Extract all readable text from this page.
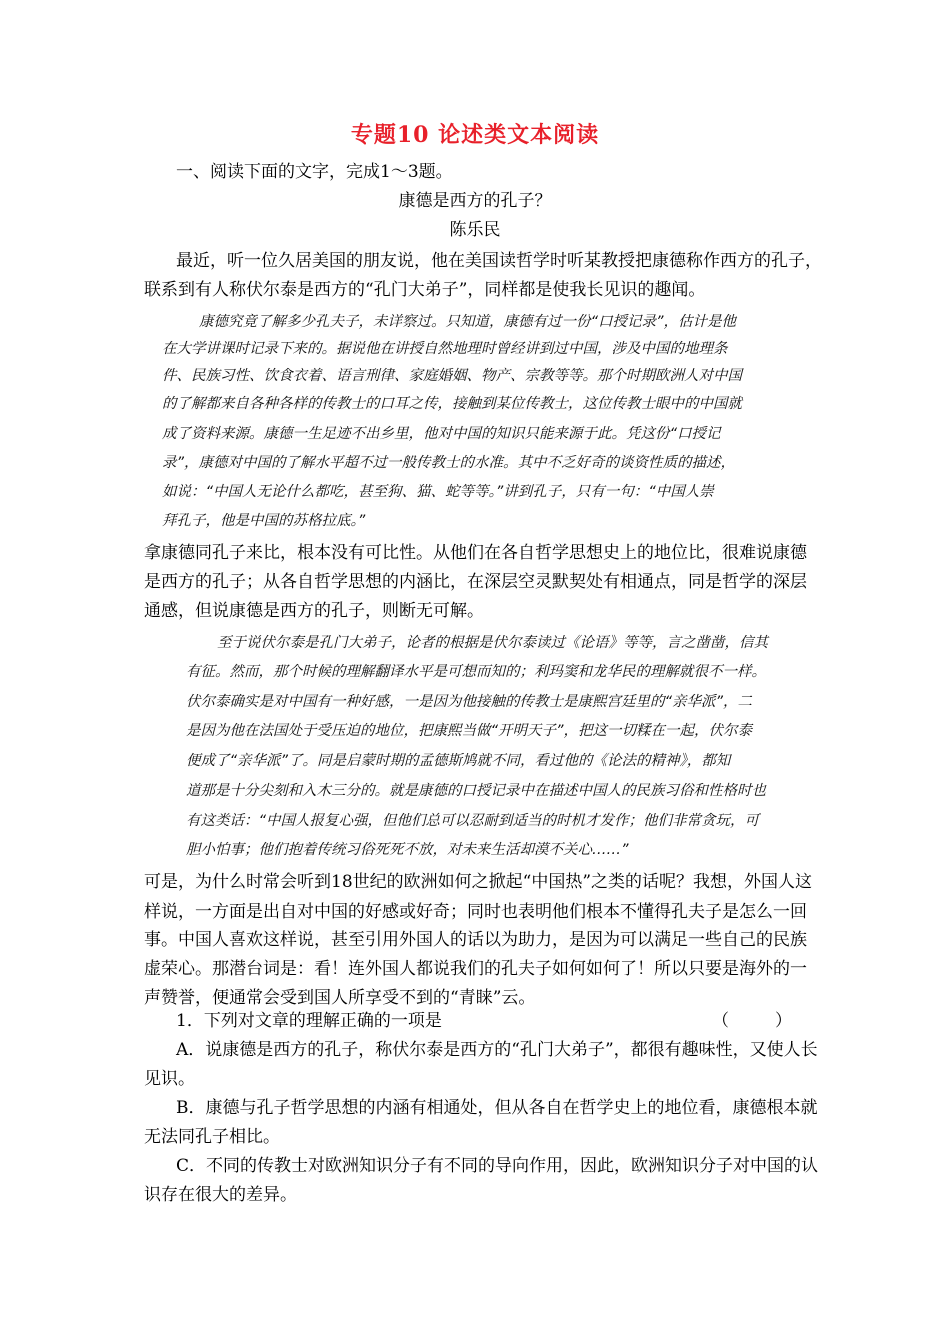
专题10 论述类文本阅读
一、阅读下面的文字，完成1～3题。
康德是西方的孔子？
陈乐民
最近，听一位久居美国的朋友说，他在美国读哲学时听某教授把康德称作西方的孔子，
联系到有人称伏尔泰是西方的“孔门大弟子”，同样都是使我长见识的趣闻。
康德究竟了解多少孔夫子，未详察过。只知道，康德有过一份“口授记录”，估计是他
在大学讲课时记录下来的。据说他在讲授自然地理时曾经讲到过中国，涉及中国的地理条
件、民族习性、饮食衣着、语言刑律、家庭婚姻、物产、宗教等等。那个时期欧洲人对中国
的了解都来自各种各样的传教士的口耳之传，接触到某位传教士，这位传教士眼中的中国就
成了资料来源。康德一生足迹不出乡里，他对中国的知识只能来源于此。凭这份“口授记
录”，康德对中国的了解水平超不过一般传教士的水准。其中不乏好奇的谈资性质的描述，
如说：“中国人无论什么都吃，甚至狗、猫、蛇等等。”讲到孔子，只有一句：“中国人崇
拜孔子，他是中国的苏格拉底。”
拿康德同孔子来比，根本没有可比性。从他们在各自哲学思想史上的地位比，很难说康德
是西方的孔子；从各自哲学思想的内涵比，在深层空灵默契处有相通点，同是哲学的深层
通感，但说康德是西方的孔子，则断无可解。
至于说伏尔泰是孔门大弟子，论者的根据是伏尔泰读过《论语》等等，言之凿凿，信其
有征。然而，那个时候的理解翻译水平是可想而知的；利玛窦和龙华民的理解就很不一样。
伏尔泰确实是对中国有一种好感，一是因为他接触的传教士是康熙宫廷里的“亲华派”，二
是因为他在法国处于受压迫的地位，把康熙当做“开明天子”，把这一切糅在一起，伏尔泰
便成了“亲华派”了。同是启蒙时期的孟德斯鸠就不同，看过他的《论法的精神》，都知
道那是十分尖刻和入木三分的。就是康德的口授记录中在描述中国人的民族习俗和性格时也
有这类话：“中国人报复心强，但他们总可以忍耐到适当的时机才发作；他们非常贪玩，可
胆小怕事；他们抱着传统习俗死死不放，对未来生活却漠不关心……”
可是，为什么时常会听到18世纪的欧洲如何之掀起“中国热”之类的话呢？我想，外国人这
样说，一方面是出自对中国的好感或好奇；同时也表明他们根本不懂得孔夫子是怎么一回
事。中国人喜欢这样说，甚至引用外国人的话以为助力，是因为可以满足一些自己的民族
虚荣心。那潜台词是：看！连外国人都说我们的孔夫子如何如何了！所以只要是海外的一
声赞誉，便通常会受到国人所享受不到的“青睐”云。
1．下列对文章的理解正确的一项是	（	）
A．说康德是西方的孔子，称伏尔泰是西方的“孔门大弟子”，都很有趣味性，又使人长
见识。
B．康德与孔子哲学思想的内涵有相通处，但从各自在哲学史上的地位看，康德根本就
无法同孔子相比。
C．不同的传教士对欧洲知识分子有不同的导向作用，因此，欧洲知识分子对中国的认
识存在很大的差异。
